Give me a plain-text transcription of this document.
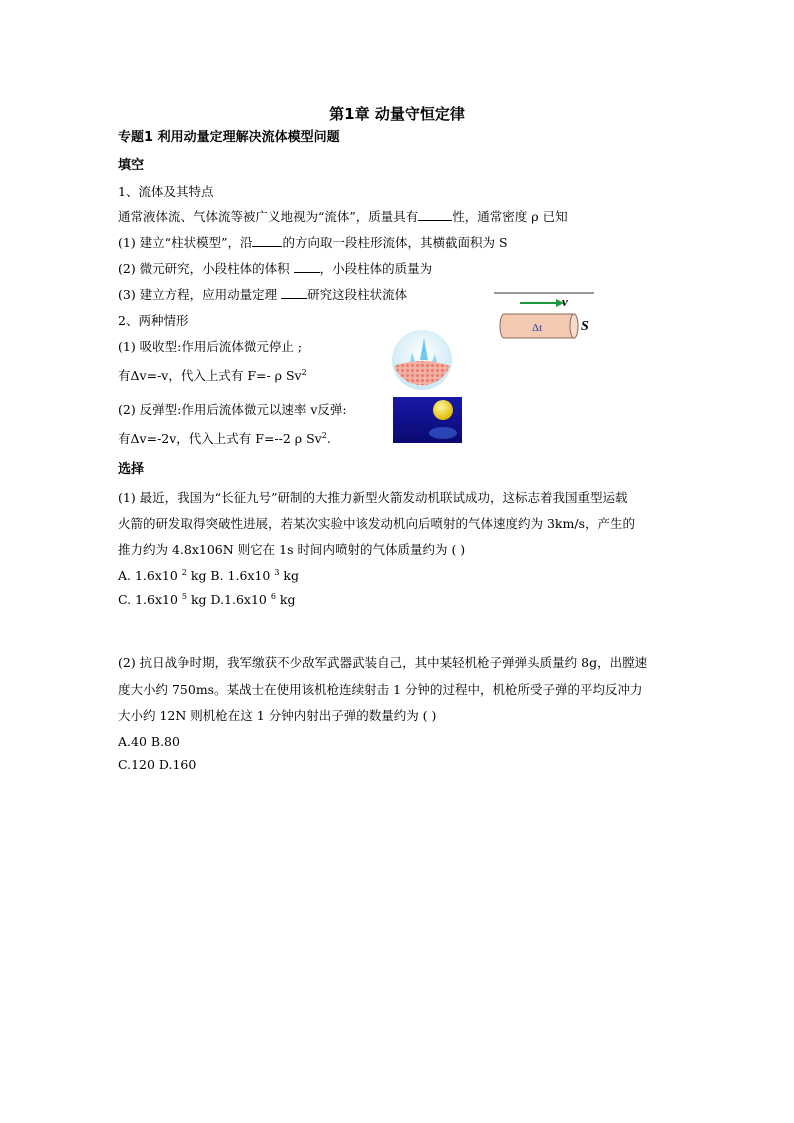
第1章 动量守恒定律
专题1 利用动量定理解决流体模型问题
填空
1、流体及其特点
通常液体流、气体流等被广义地视为“流体”，质量具有	性，通常密度 ρ 已知
(1) 建立“柱状模型”，沿 的方向取一段柱形流体，其横截面积为 S
(2) 微元研究，小段柱体的体积 ，小段柱体的质量为
(3) 建立方程，应用动量定理 研究这段柱状流体	v
Δt	S
2、两种情形
(1) 吸收型:作用后流体微元停止 ;
有Δv=-v，代入上式有 F=- ρ Sv$^2$
(2) 反弹型:作用后流体微元以速率 v反弹:
有Δv=-2v，代入上式有 F=--2 ρ Sv$^2$.
选择
(1) 最近，我国为“长征九号”研制的大推力新型火箭发动机联试成功，这标志着我国重型运载
火箭的研发取得突破性进展，若某次实验中该发动机向后喷射的气体速度约为 3km/s，产生的
推力约为 4.8x106N 则它在 1s 时间内喷射的气体质量约为 ( )
A. 1.6x10 $^2$ kg B. 1.6x10 $^3$ kg
C. 1.6x10 $^5$ kg D.1.6x10 $^6$ kg
(2) 抗日战争时期，我军缴获不少敌军武器武装自己，其中某轻机枪子弹弹头质量约 8g，出膛速
度大小约 750ms。某战士在使用该机枪连续射击 1 分钟的过程中，机枪所受子弹的平均反冲力
大小约 12N 则机枪在这 1 分钟内射出子弹的数量约为 ( )
A.40 B.80
C.120 D.160
